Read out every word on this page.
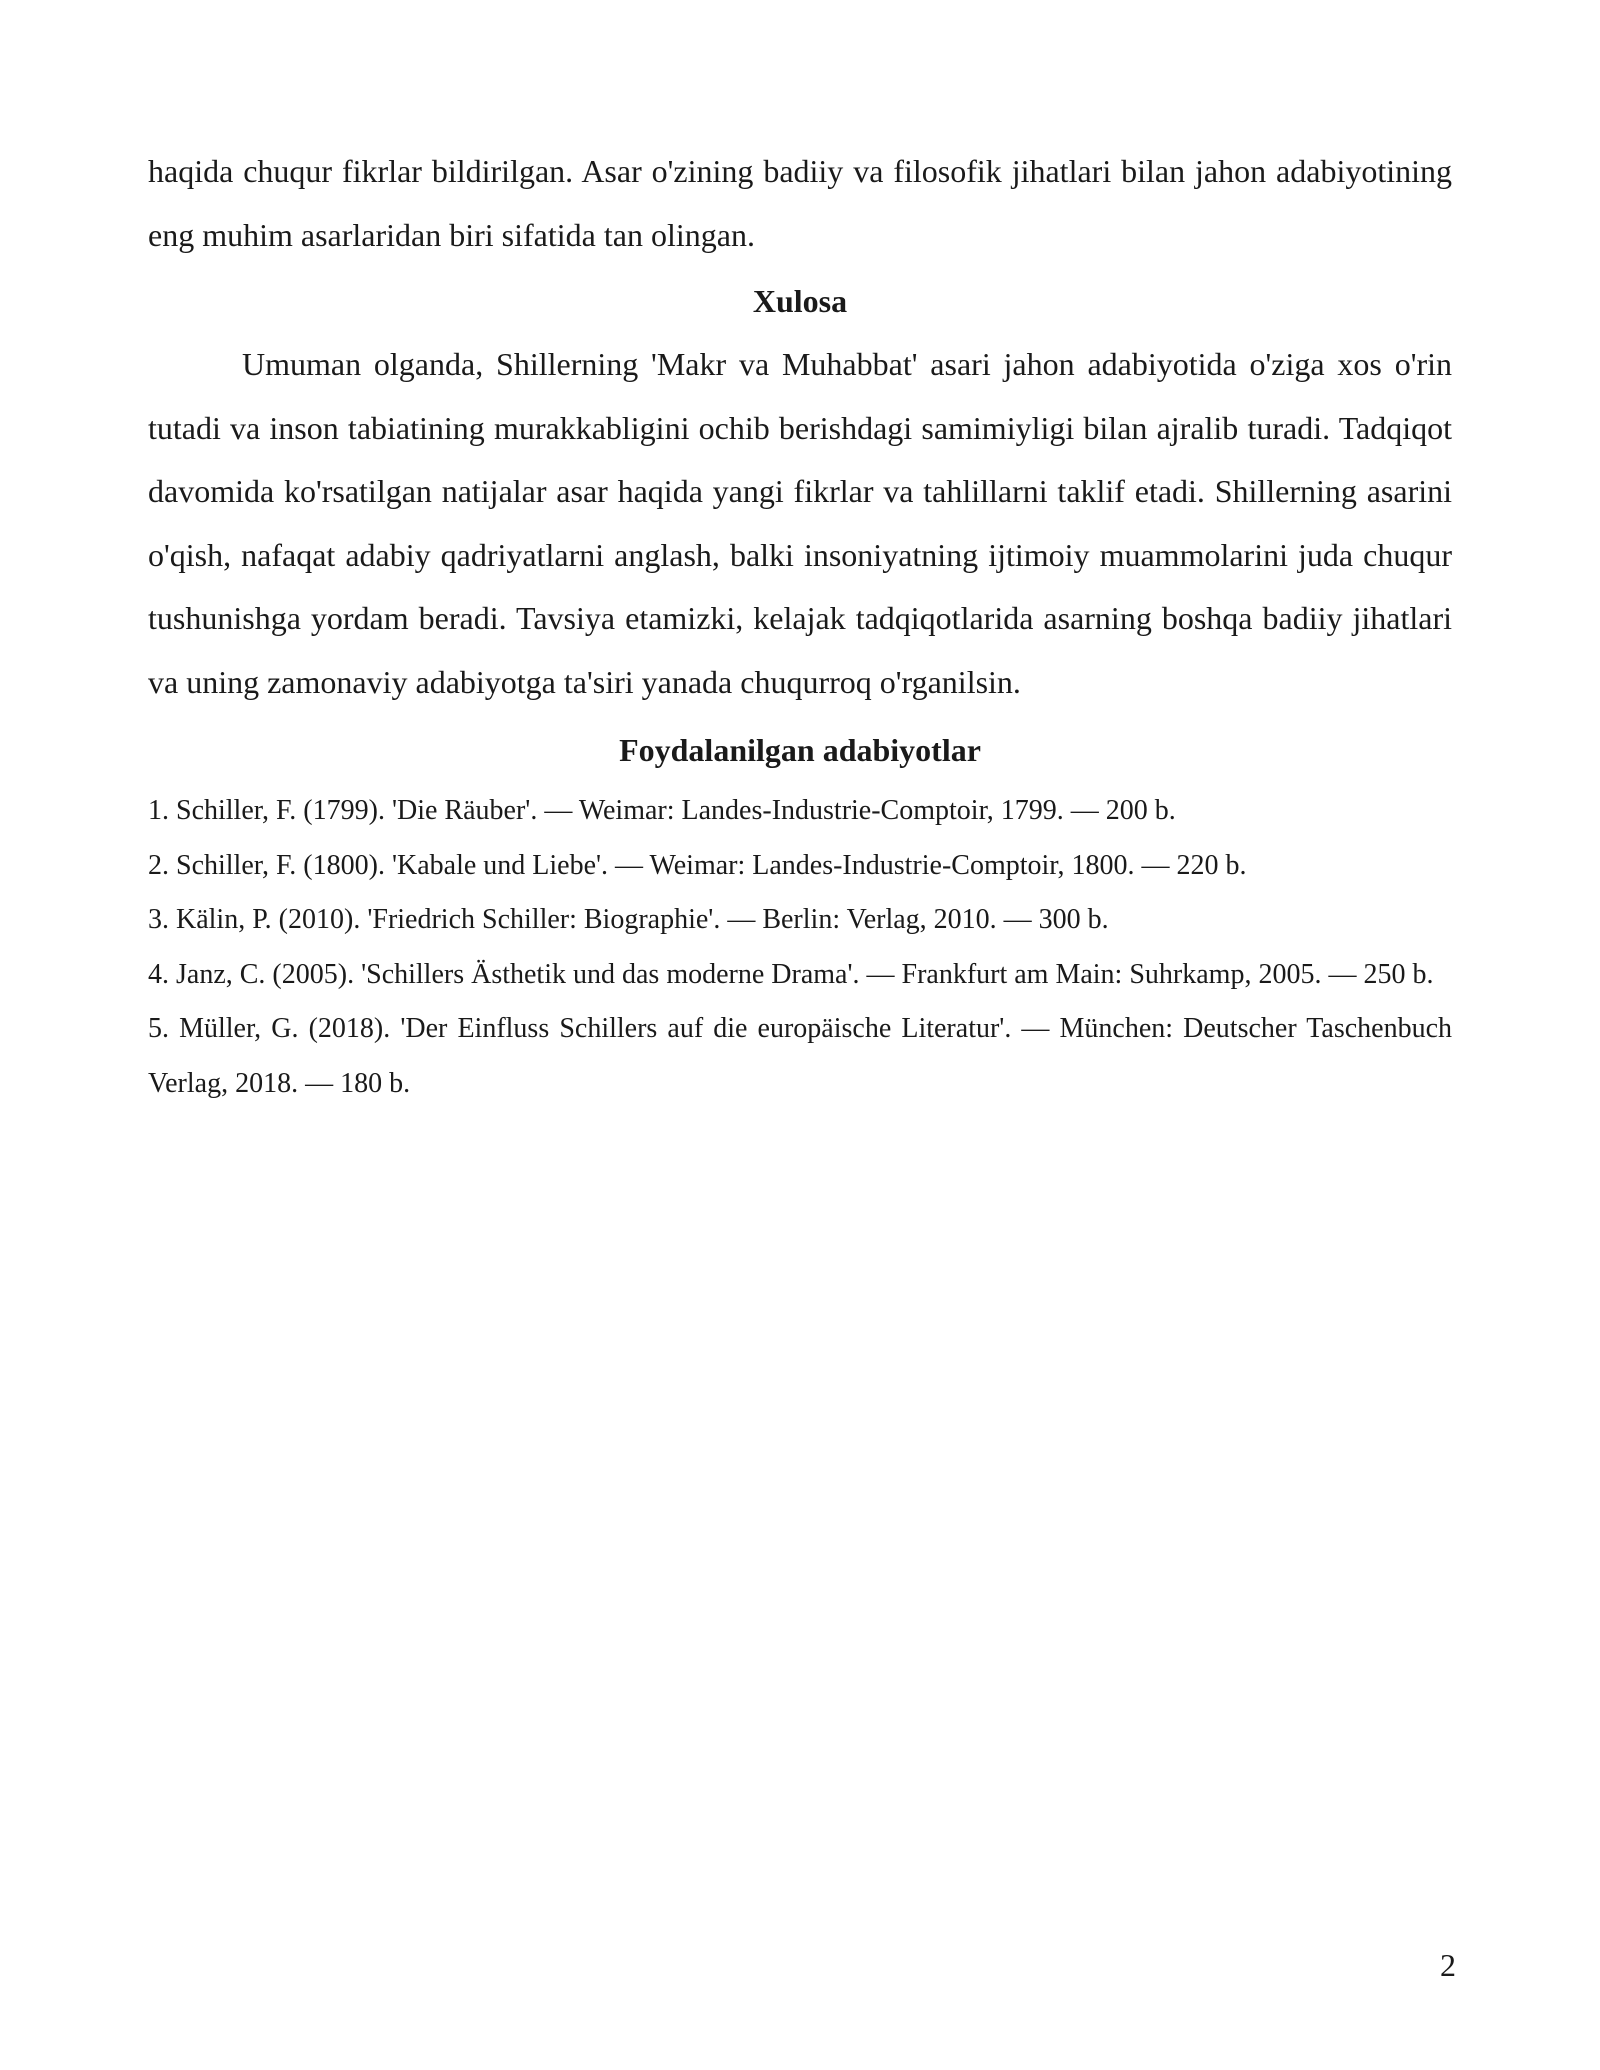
haqida chuqur fikrlar bildirilgan. Asar o'zining badiiy va filosofik jihatlari bilan jahon adabiyotining eng muhim asarlaridan biri sifatida tan olingan.

Xulosa

Umuman olganda, Shillerning 'Makr va Muhabbat' asari jahon adabiyotida o'ziga xos o'rin tutadi va inson tabiatining murakkabligini ochib berishdagi samimiyligi bilan ajralib turadi. Tadqiqot davomida ko'rsatilgan natijalar asar haqida yangi fikrlar va tahlillarni taklif etadi. Shillerning asarini o'qish, nafaqat adabiy qadriyatlarni anglash, balki insoniyatning ijtimoiy muammolarini juda chuqur tushunishga yordam beradi. Tavsiya etamizki, kelajak tadqiqotlarida asarning boshqa badiiy jihatlari va uning zamonaviy adabiyotga ta'siri yanada chuqurroq o'rganilsin.

Foydalanilgan adabiyotlar
1. Schiller, F. (1799). 'Die Räuber'. — Weimar: Landes-Industrie-Comptoir, 1799. — 200 b.
2. Schiller, F. (1800). 'Kabale und Liebe'. — Weimar: Landes-Industrie-Comptoir, 1800. — 220 b.
3. Kälin, P. (2010). 'Friedrich Schiller: Biographie'. — Berlin: Verlag, 2010. — 300 b.
4. Janz, C. (2005). 'Schillers Ästhetik und das moderne Drama'. — Frankfurt am Main: Suhrkamp, 2005. — 250 b.
5. Müller, G. (2018). 'Der Einfluss Schillers auf die europäische Literatur'. — München: Deutscher Taschenbuch Verlag, 2018. — 180 b.
2
